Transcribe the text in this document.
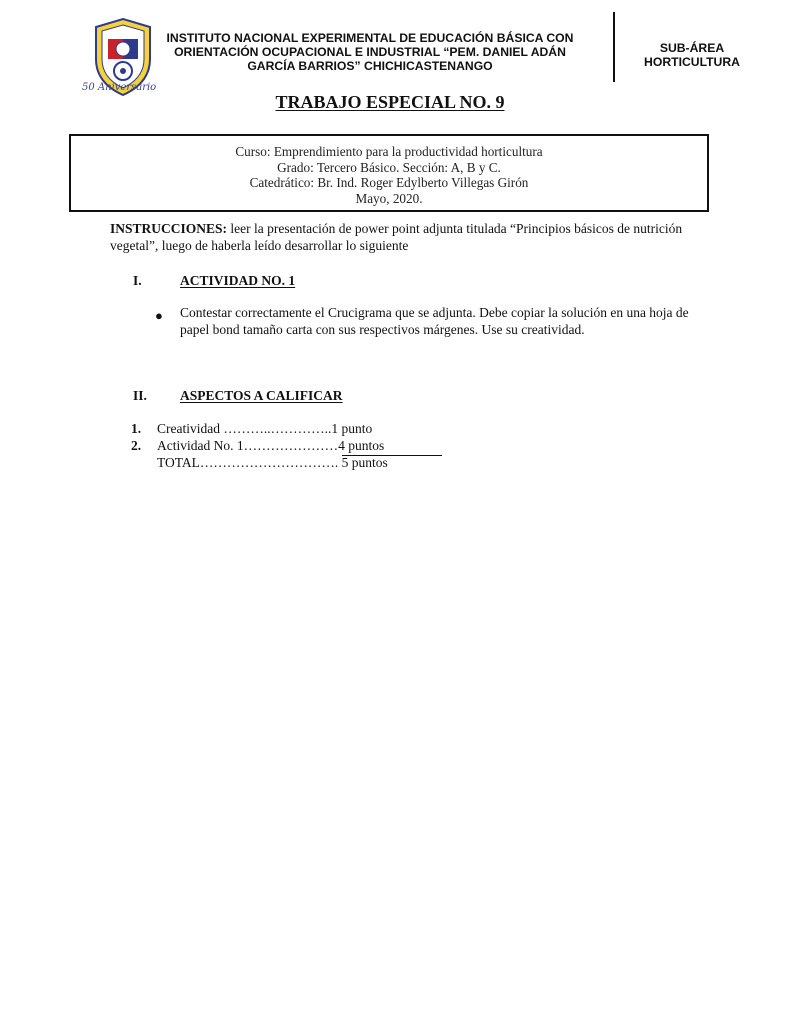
50 Aniversario
INSTITUTO NACIONAL EXPERIMENTAL DE EDUCACIÓN BÁSICA CON ORIENTACIÓN OCUPACIONAL E INDUSTRIAL “PEM. DANIEL ADÁN GARCÍA BARRIOS” CHICHICASTENANGO
SUB-ÁREA
HORTICULTURA
TRABAJO ESPECIAL NO. 9
Curso: Emprendimiento para la productividad horticultura
Grado: Tercero Básico. Sección: A, B y C.
Catedrático: Br. Ind. Roger Edylberto Villegas Girón
Mayo, 2020.
INSTRUCCIONES: leer la presentación de power point adjunta titulada “Principios básicos de nutrición vegetal”, luego de haberla leído desarrollar lo siguiente
I.	ACTIVIDAD NO. 1
● Contestar correctamente el Crucigrama que se adjunta. Debe copiar la solución en una hoja de papel bond tamaño carta con sus respectivos márgenes. Use su creatividad.
II. ASPECTOS A CALIFICAR
1. Creatividad ………..…………..1 punto
2. Actividad No. 1…………………4 puntos
TOTAL…………………………. 5 puntos
